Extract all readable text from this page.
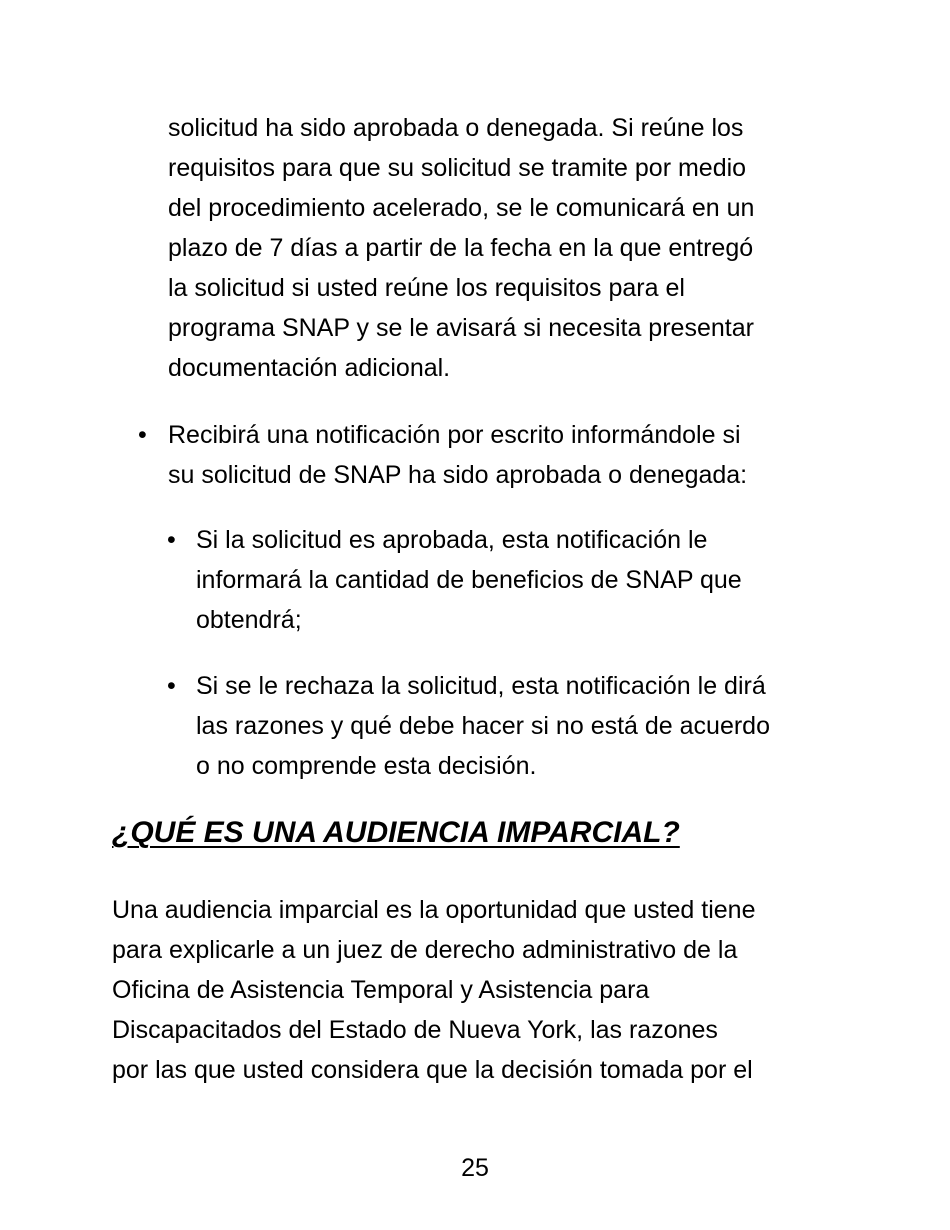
solicitud ha sido aprobada o denegada. Si reúne los
requisitos para que su solicitud se tramite por medio
del procedimiento acelerado, se le comunicará en un
plazo de 7 días a partir de la fecha en la que entregó
la solicitud si usted reúne los requisitos para el
programa SNAP y se le avisará si necesita presentar
documentación adicional.
• Recibirá una notificación por escrito informándole si
su solicitud de SNAP ha sido aprobada o denegada:
• Si la solicitud es aprobada, esta notificación le
informará la cantidad de beneficios de SNAP que
obtendrá;
• Si se le rechaza la solicitud, esta notificación le dirá
las razones y qué debe hacer si no está de acuerdo
o no comprende esta decisión.
¿QUÉ ES UNA AUDIENCIA IMPARCIAL?
Una audiencia imparcial es la oportunidad que usted tiene
para explicarle a un juez de derecho administrativo de la
Oficina de Asistencia Temporal y Asistencia para
Discapacitados del Estado de Nueva York, las razones
por las que usted considera que la decisión tomada por el
25
